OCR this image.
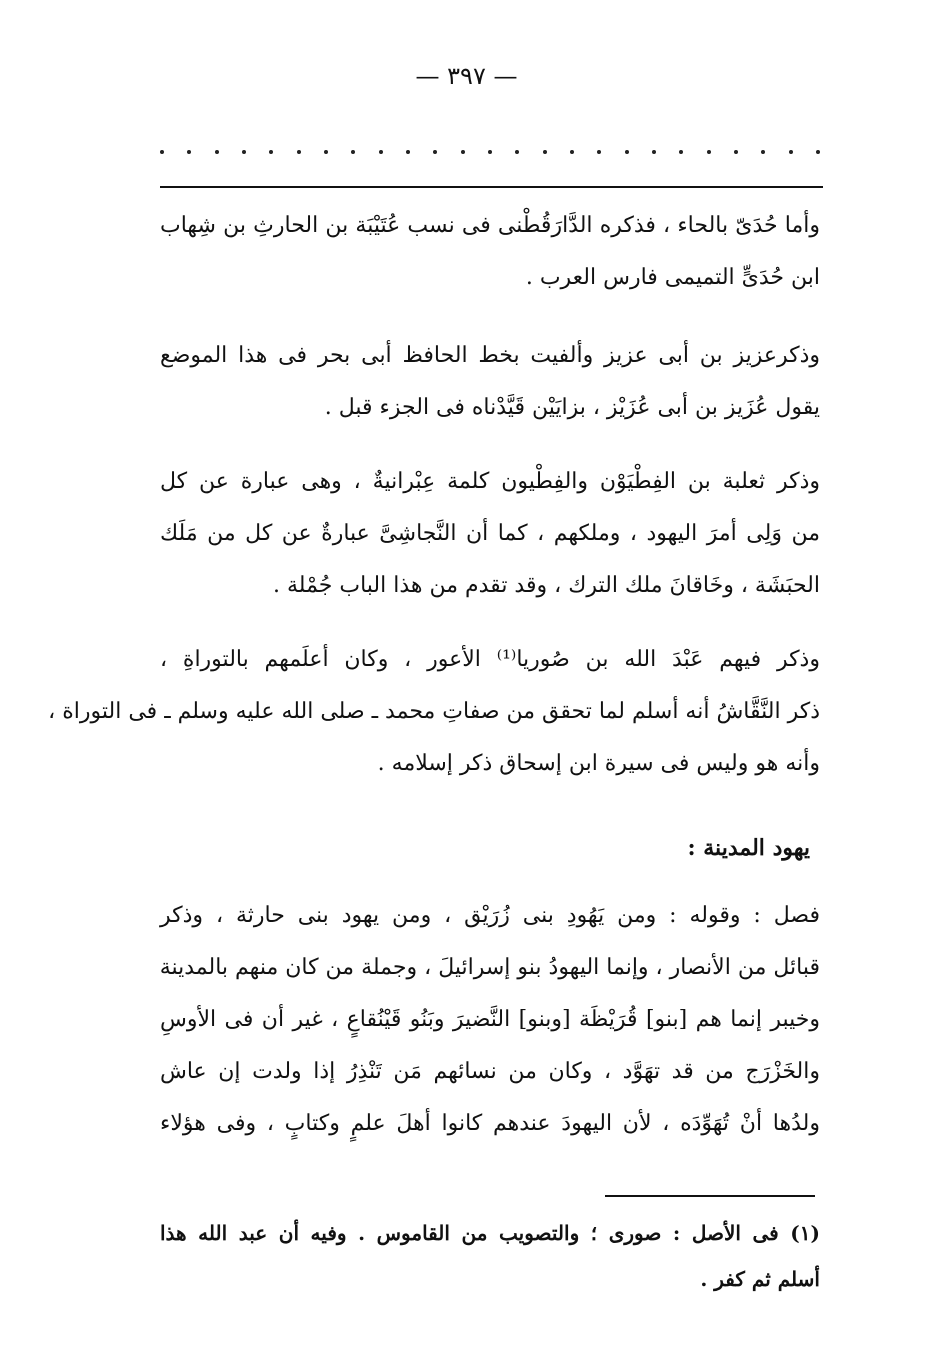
— ٣٩٧ —
وأما حُدَىّ بالحاء ، فذكره الدَّارَقُطْنى فى نسب عُتَيْبَة بن الحارثِ بن شِهاب
ابن حُدَىٍّ التميمى فارس العرب .
وذكرعزيز بن أبى عزيز وألفيت بخط الحافظ أبى بحر فى هذا الموضع
يقول عُزَيز بن أبى عُزَيْز ، بزايَيْن قَيَّدْناه فى الجزء قبل .
وذكر ثعلبة بن الفِطْيَوْن والفِطْيون كلمة عِبْرانيةٌ ، وهى عبارة عن كل
من وَلِى أمرَ اليهود ، وملكهم ، كما أن النَّجاشِىَّ عبارةٌ عن كل من مَلَك
الحبَشَة ، وخَاقانَ ملك الترك ، وقد تقدم من هذا الباب جُمْلة .
وذكر فيهم عَبْدَ الله بن صُوريا⁽¹⁾ الأعور ، وكان أعلَمهم بالتوراةِ ،
ذكر النَّقَّاشُ أنه أسلم لما تحقق من صفاتِ محمد ـ صلى الله عليه وسلم ـ فى التوراة ،
وأنه هو وليس فى سيرة ابن إسحاق ذكر إسلامه .
يهود المدينة :
فصل : وقوله : ومن يَهُودِ بنى زُرَيْق ، ومن يهود بنى حارثة ، وذكر
قبائل من الأنصار ، وإنما اليهودُ بنو إسرائيلَ ، وجملة من كان منهم بالمدينة
وخيبر إنما هم [بنو] قُرَيْظَة [وبنو] النَّضيرَ وبَنُو قَيْنُقاعٍ ، غير أن فى الأوسِ
والخَزْرَج من قد تهَوَّد ، وكان من نسائهم مَن تَنْذِرُ إذا ولدت إن عاش
ولدُها أنْ تُهَوِّدَه ، لأن اليهودَ عندهم كانوا أهلَ علمٍ وكتابٍ ، وفى هؤلاء
(١) فى الأصل : صورى ؛ والتصويب من القاموس . وفيه أن عبد الله هذا
أسلم ثم كفر .
